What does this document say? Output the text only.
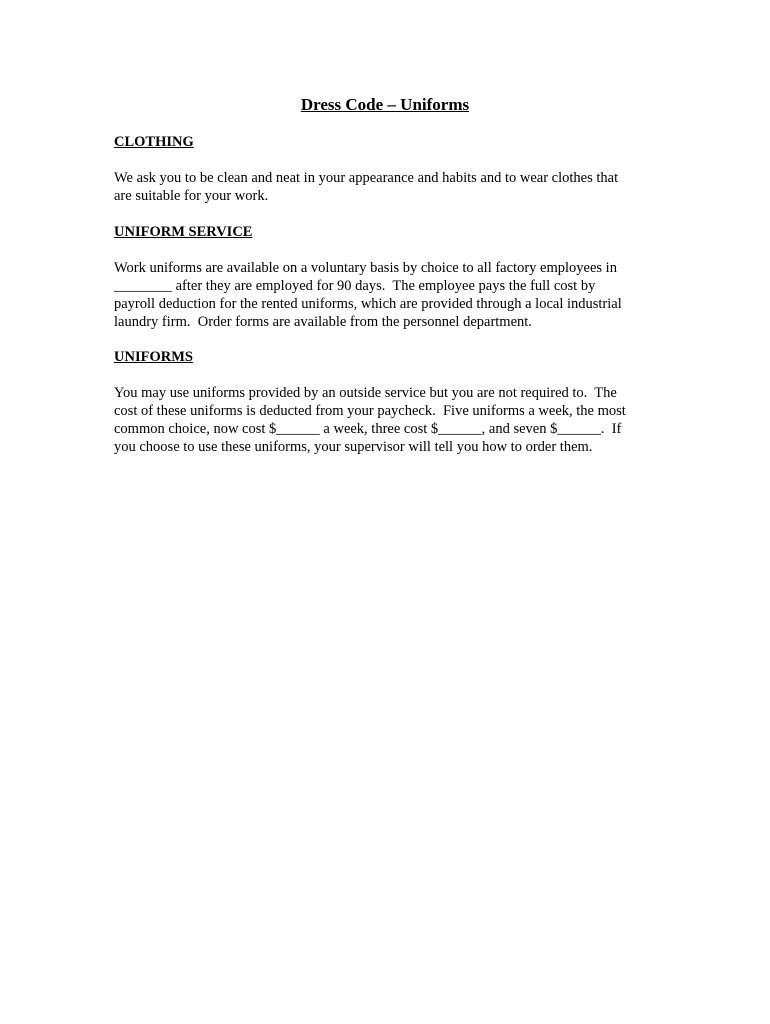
Dress Code – Uniforms
CLOTHING

We ask you to be clean and neat in your appearance and habits and to wear clothes that
are suitable for your work.

UNIFORM SERVICE

Work uniforms are available on a voluntary basis by choice to all factory employees in
________ after they are employed for 90 days.  The employee pays the full cost by
payroll deduction for the rented uniforms, which are provided through a local industrial
laundry firm.  Order forms are available from the personnel department.

UNIFORMS

You may use uniforms provided by an outside service but you are not required to.  The
cost of these uniforms is deducted from your paycheck.  Five uniforms a week, the most
common choice, now cost $______ a week, three cost $______, and seven $______.  If
you choose to use these uniforms, your supervisor will tell you how to order them.
